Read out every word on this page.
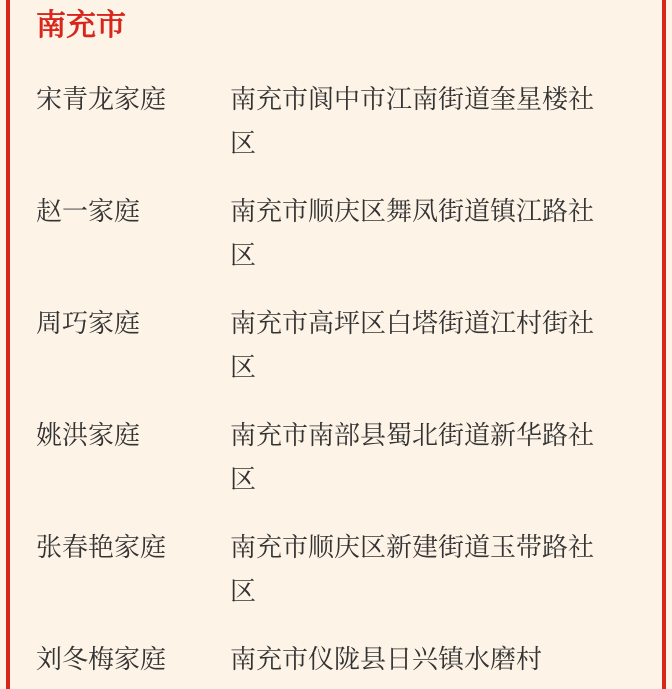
南充市
宋青龙家庭	南充市阆中市江南街道奎星楼社区
赵一家庭	南充市顺庆区舞凤街道镇江路社区
周巧家庭	南充市高坪区白塔街道江村街社区
姚洪家庭	南充市南部县蜀北街道新华路社区
张春艳家庭	南充市顺庆区新建街道玉带路社区
刘冬梅家庭	南充市仪陇县日兴镇水磨村
